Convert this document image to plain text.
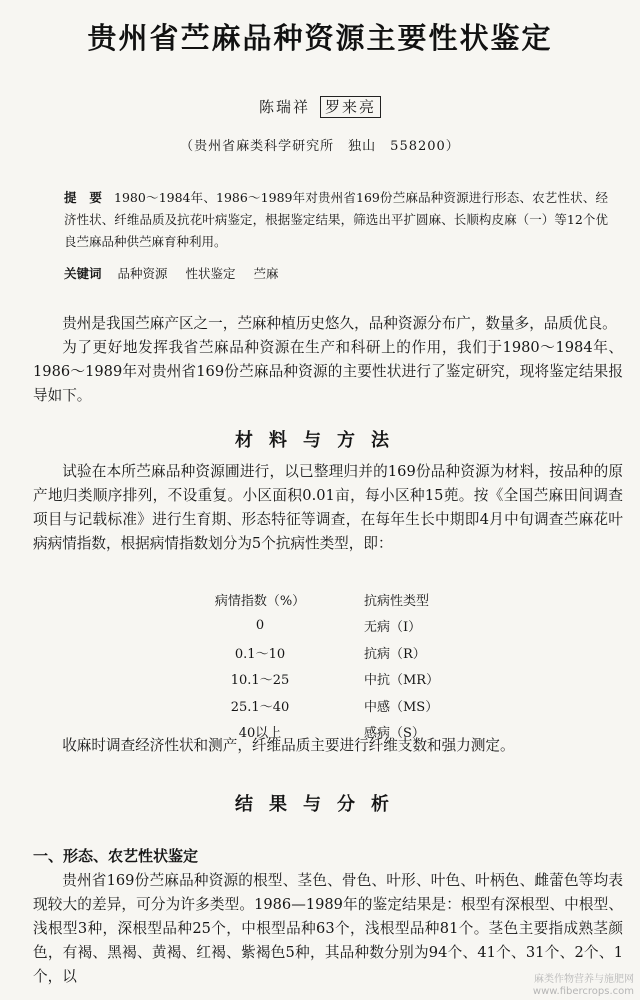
贵州省苎麻品种资源主要性状鉴定
陈瑞祥 罗来亮
（贵州省麻类科学研究所　独山　558200）
提　要 1980～1984年、1986～1989年对贵州省169份苎麻品种资源进行形态、农艺性状、经济性状、纤维品质及抗花叶病鉴定，根据鉴定结果，筛选出平扩圆麻、长顺构皮麻（一）等12个优良苎麻品种供苎麻育种利用。
关键词 品种资源 性状鉴定 苎麻
贵州是我国苎麻产区之一，苎麻种植历史悠久，品种资源分布广，数量多，品质优良。
为了更好地发挥我省苎麻品种资源在生产和科研上的作用，我们于1980～1984年、1986～1989年对贵州省169份苎麻品种资源的主要性状进行了鉴定研究，现将鉴定结果报导如下。
材料与方法
试验在本所苎麻品种资源圃进行，以已整理归并的169份品种资源为材料，按品种的原产地归类顺序排列，不设重复。小区面积0.01亩，每小区种15蔸。按《全国苎麻田间调查项目与记载标准》进行生育期、形态特征等调查，在每年生长中期即4月中旬调查苎麻花叶病病情指数，根据病情指数划分为5个抗病性类型，即：
病情指数（%）	抗病性类型
0	无病（I）
0.1～10	抗病（R）
10.1～25	中抗（MR）
25.1～40	中感（MS）
40以上	感病（S）
收麻时调查经济性状和测产，纤维品质主要进行纤维支数和强力测定。
结果与分析
一、形态、农艺性状鉴定
贵州省169份苎麻品种资源的根型、茎色、骨色、叶形、叶色、叶柄色、雌蕾色等均表现较大的差异，可分为许多类型。1986—1989年的鉴定结果是：根型有深根型、中根型、浅根型3种，深根型品种25个，中根型品种63个，浅根型品种81个。茎色主要指成熟茎颜色，有褐、黑褐、黄褐、红褐、紫褐色5种，其品种数分别为94个、41个、31个、2个、1个，以	麻类作物营养与施肥网
www.fibercrops.com
